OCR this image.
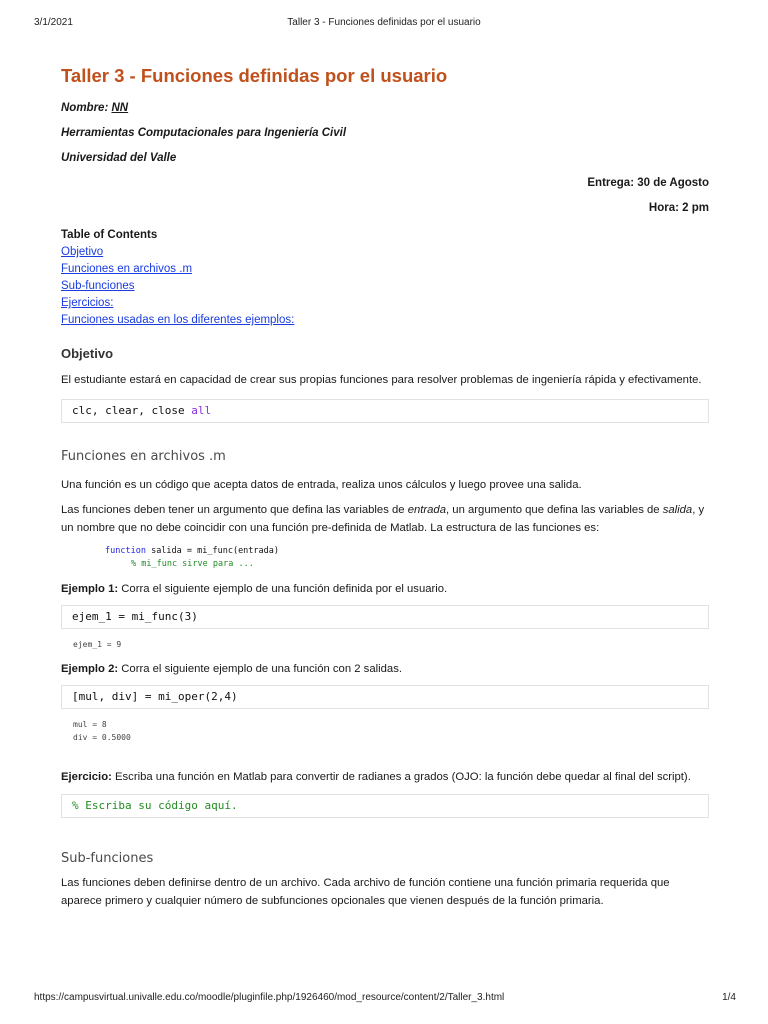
3/1/2021	Taller 3 - Funciones definidas por el usuario
Taller 3 - Funciones definidas por el usuario

Nombre: NN

Herramientas Computacionales para Ingeniería Civil

Universidad del Valle

Entrega: 30 de Agosto
Hora: 2 pm
Table of Contents
Objetivo
Funciones en archivos .m
Sub-funciones
Ejercicios:
Funciones usadas en los diferentes ejemplos:
Objetivo

El estudiante estará en capacidad de crear sus propias funciones para resolver problemas de ingeniería rápida y efectivamente.

clc, clear, close all
Funciones en archivos .m

Una función es un código que acepta datos de entrada, realiza unos cálculos y luego provee una salida.

Las funciones deben tener un argumento que defina las variables de entrada, un argumento que defina las variables de salida, y un nombre que no debe coincidir con una función pre-definida de Matlab. La estructura de las funciones es:

function salida = mi_func(entrada)
% mi_func sirve para ...

Ejemplo 1: Corra el siguiente ejemplo de una función definida por el usuario.

ejem_1 = mi_func(3)
ejem_1 = 9

Ejemplo 2: Corra el siguiente ejemplo de una función con 2 salidas.

[mul, div] = mi_oper(2,4)
mul = 8
div = 0.5000

Ejercicio: Escriba una función en Matlab para convertir de radianes a grados (OJO: la función debe quedar al final del script).

% Escriba su código aquí.
Sub-funciones

Las funciones deben definirse dentro de un archivo. Cada archivo de función contiene una función primaria requerida que aparece primero y cualquier número de subfunciones opcionales que vienen después de la función primaria.

https://campusvirtual.univalle.edu.co/moodle/pluginfile.php/1926460/mod_resource/content/2/Taller_3.html	1/4
